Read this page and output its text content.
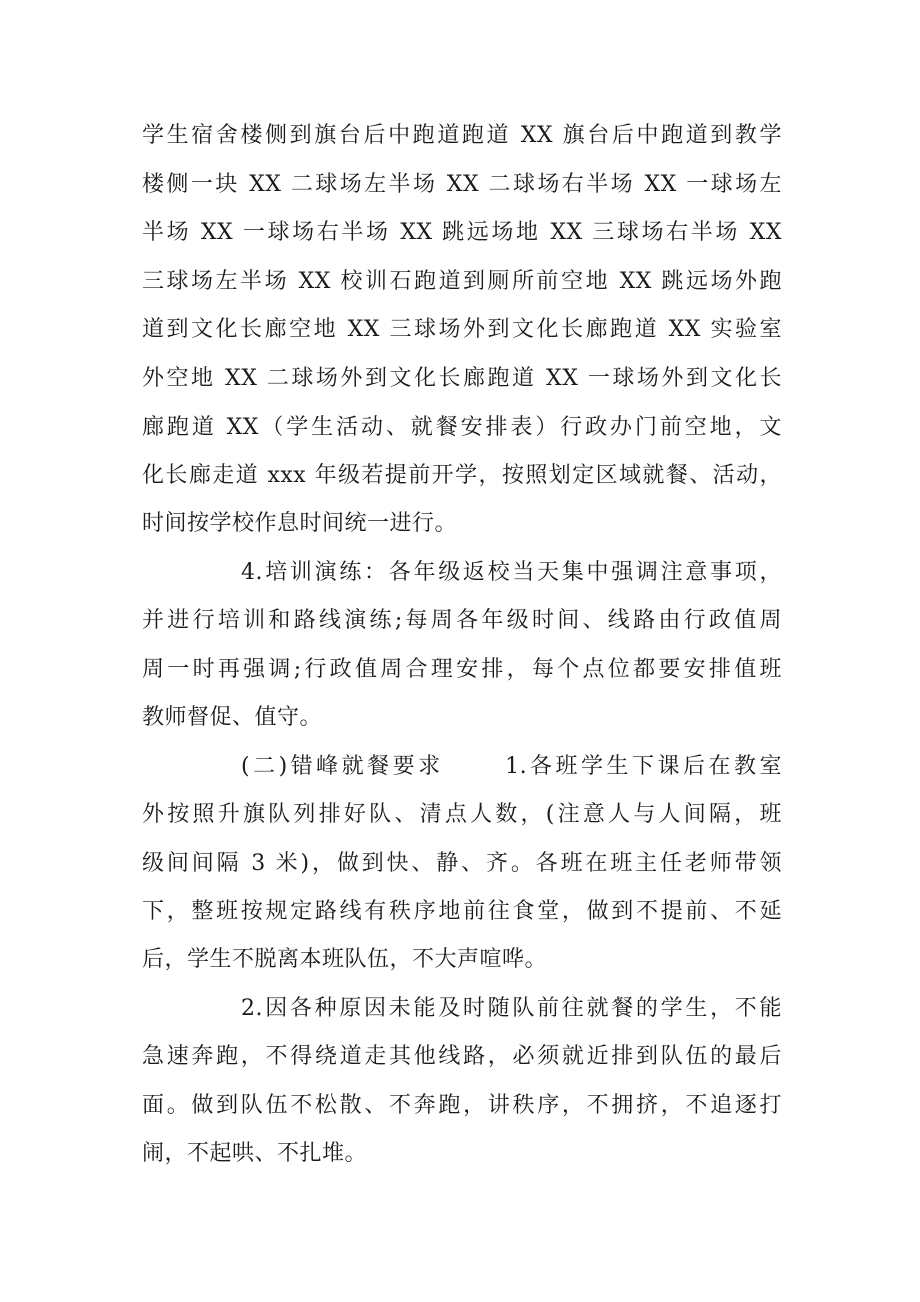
学生宿舍楼侧到旗台后中跑道跑道 XX 旗台后中跑道到教学
楼侧一块 XX 二球场左半场 XX 二球场右半场 XX 一球场左
半场 XX 一球场右半场 XX 跳远场地 XX 三球场右半场 XX
三球场左半场 XX 校训石跑道到厕所前空地 XX 跳远场外跑
道到文化长廊空地 XX 三球场外到文化长廊跑道 XX 实验室
外空地 XX 二球场外到文化长廊跑道 XX 一球场外到文化长
廊跑道 XX（学生活动、就餐安排表）行政办门前空地，文
化长廊走道 xxx 年级若提前开学，按照划定区域就餐、活动，
时间按学校作息时间统一进行。
4.培训演练：各年级返校当天集中强调注意事项，
并进行培训和路线演练;每周各年级时间、线路由行政值周
周一时再强调;行政值周合理安排，每个点位都要安排值班
教师督促、值守。
(二)错峰就餐要求　　 1.各班学生下课后在教室
外按照升旗队列排好队、清点人数，(注意人与人间隔，班
级间间隔 3 米)，做到快、静、齐。各班在班主任老师带领
下，整班按规定路线有秩序地前往食堂，做到不提前、不延
后，学生不脱离本班队伍，不大声喧哗。
2.因各种原因未能及时随队前往就餐的学生，不能
急速奔跑，不得绕道走其他线路，必须就近排到队伍的最后
面。做到队伍不松散、不奔跑，讲秩序，不拥挤，不追逐打
闹，不起哄、不扎堆。
